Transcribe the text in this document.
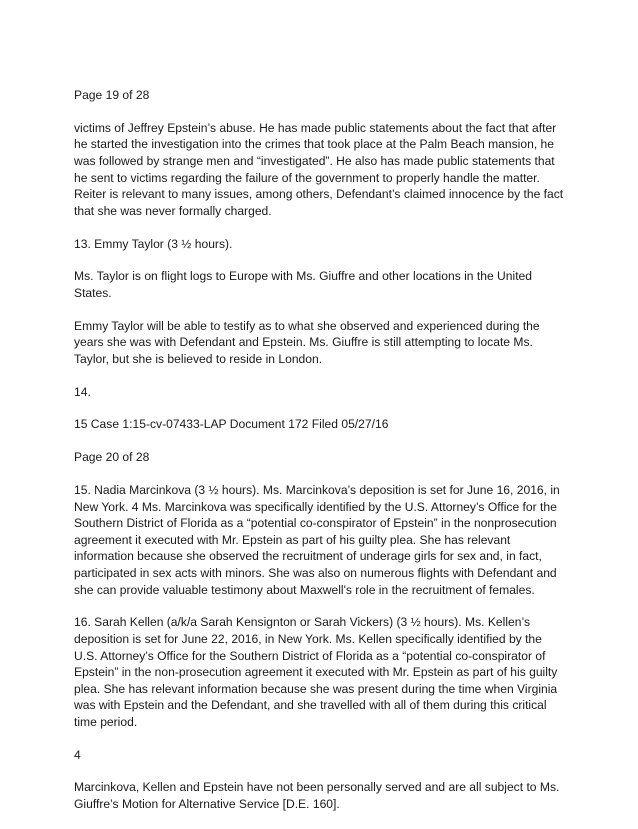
Page 19 of 28

victims of Jeffrey Epstein’s abuse. He has made public statements about the fact that after he started the investigation into the crimes that took place at the Palm Beach mansion, he was followed by strange men and “investigated”. He also has made public statements that he sent to victims regarding the failure of the government to properly handle the matter. Reiter is relevant to many issues, among others, Defendant’s claimed innocence by the fact that she was never formally charged.

13. Emmy Taylor (3 ½ hours).

Ms. Taylor is on flight logs to Europe with Ms. Giuffre and other locations in the United States.

Emmy Taylor will be able to testify as to what she observed and experienced during the years she was with Defendant and Epstein. Ms. Giuffre is still attempting to locate Ms. Taylor, but she is believed to reside in London.

14.

15 Case 1:15-cv-07433-LAP Document 172 Filed 05/27/16

Page 20 of 28

15. Nadia Marcinkova (3 ½ hours). Ms. Marcinkova’s deposition is set for June 16, 2016, in New York. 4 Ms. Marcinkova was specifically identified by the U.S. Attorney’s Office for the Southern District of Florida as a “potential co-conspirator of Epstein” in the nonprosecution agreement it executed with Mr. Epstein as part of his guilty plea. She has relevant information because she observed the recruitment of underage girls for sex and, in fact, participated in sex acts with minors. She was also on numerous flights with Defendant and she can provide valuable testimony about Maxwell's role in the recruitment of females.

16. Sarah Kellen (a/k/a Sarah Kensignton or Sarah Vickers) (3 ½ hours). Ms. Kellen’s deposition is set for June 22, 2016, in New York. Ms. Kellen specifically identified by the U.S. Attorney’s Office for the Southern District of Florida as a “potential co-conspirator of Epstein” in the non-prosecution agreement it executed with Mr. Epstein as part of his guilty plea. She has relevant information because she was present during the time when Virginia was with Epstein and the Defendant, and she travelled with all of them during this critical time period.

4

Marcinkova, Kellen and Epstein have not been personally served and are all subject to Ms. Giuffre’s Motion for Alternative Service [D.E. 160].
